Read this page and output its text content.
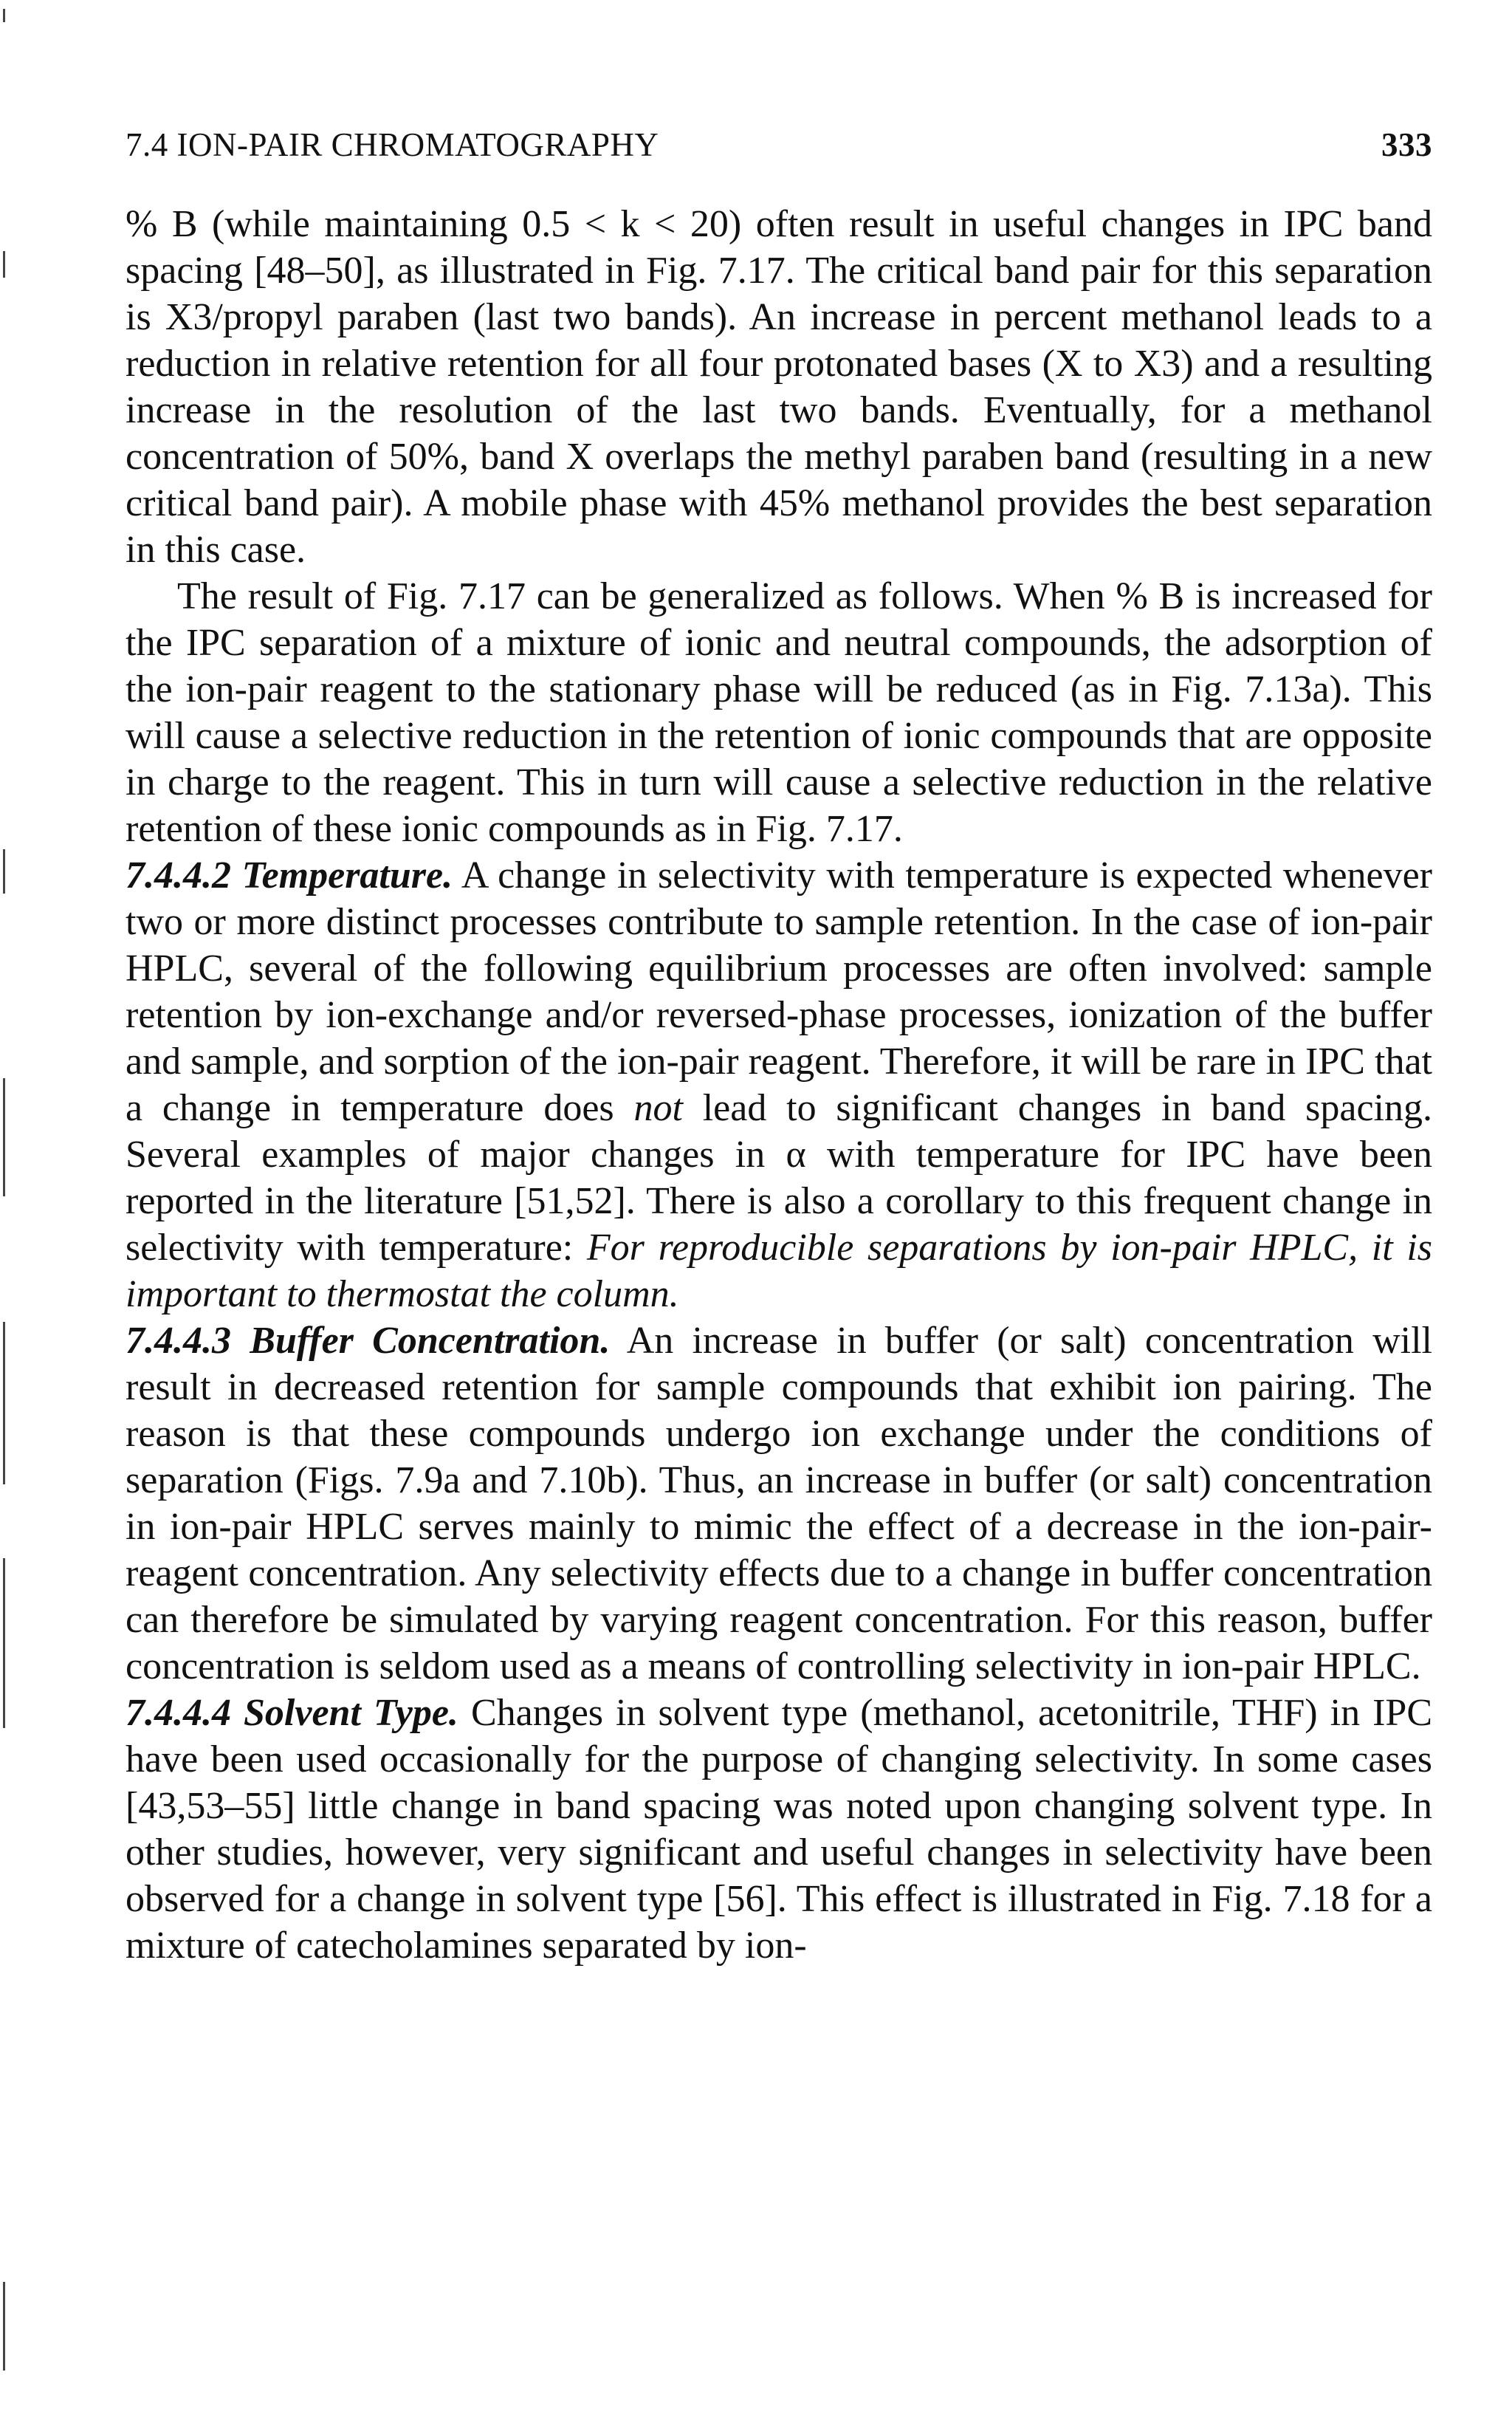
7.4 ION-PAIR CHROMATOGRAPHY	333

% B (while maintaining 0.5 < k < 20) often result in useful changes in IPC band spacing [48–50], as illustrated in Fig. 7.17. The critical band pair for this separation is X3/propyl paraben (last two bands). An increase in percent methanol leads to a reduction in relative retention for all four protonated bases (X to X3) and a resulting increase in the resolution of the last two bands. Eventually, for a methanol concentration of 50%, band X overlaps the methyl paraben band (resulting in a new critical band pair). A mobile phase with 45% methanol provides the best separation in this case.

The result of Fig. 7.17 can be generalized as follows. When % B is increased for the IPC separation of a mixture of ionic and neutral compounds, the adsorption of the ion-pair reagent to the stationary phase will be reduced (as in Fig. 7.13a). This will cause a selective reduction in the retention of ionic compounds that are opposite in charge to the reagent. This in turn will cause a selective reduction in the relative retention of these ionic compounds as in Fig. 7.17.

7.4.4.2 Temperature. A change in selectivity with temperature is expected whenever two or more distinct processes contribute to sample retention. In the case of ion-pair HPLC, several of the following equilibrium processes are often involved: sample retention by ion-exchange and/or reversed-phase processes, ionization of the buffer and sample, and sorption of the ion-pair reagent. Therefore, it will be rare in IPC that a change in temperature does not lead to significant changes in band spacing. Several examples of major changes in α with temperature for IPC have been reported in the literature [51,52]. There is also a corollary to this frequent change in selectivity with temperature: For reproducible separations by ion-pair HPLC, it is important to thermostat the column.

7.4.4.3 Buffer Concentration. An increase in buffer (or salt) concentration will result in decreased retention for sample compounds that exhibit ion pairing. The reason is that these compounds undergo ion exchange under the conditions of separation (Figs. 7.9a and 7.10b). Thus, an increase in buffer (or salt) concentration in ion-pair HPLC serves mainly to mimic the effect of a decrease in the ion-pair-reagent concentration. Any selectivity effects due to a change in buffer concentration can therefore be simulated by varying reagent concentration. For this reason, buffer concentration is seldom used as a means of controlling selectivity in ion-pair HPLC.

7.4.4.4 Solvent Type. Changes in solvent type (methanol, acetonitrile, THF) in IPC have been used occasionally for the purpose of changing selectivity. In some cases [43,53–55] little change in band spacing was noted upon changing solvent type. In other studies, however, very significant and useful changes in selectivity have been observed for a change in solvent type [56]. This effect is illustrated in Fig. 7.18 for a mixture of catecholamines separated by ion-
